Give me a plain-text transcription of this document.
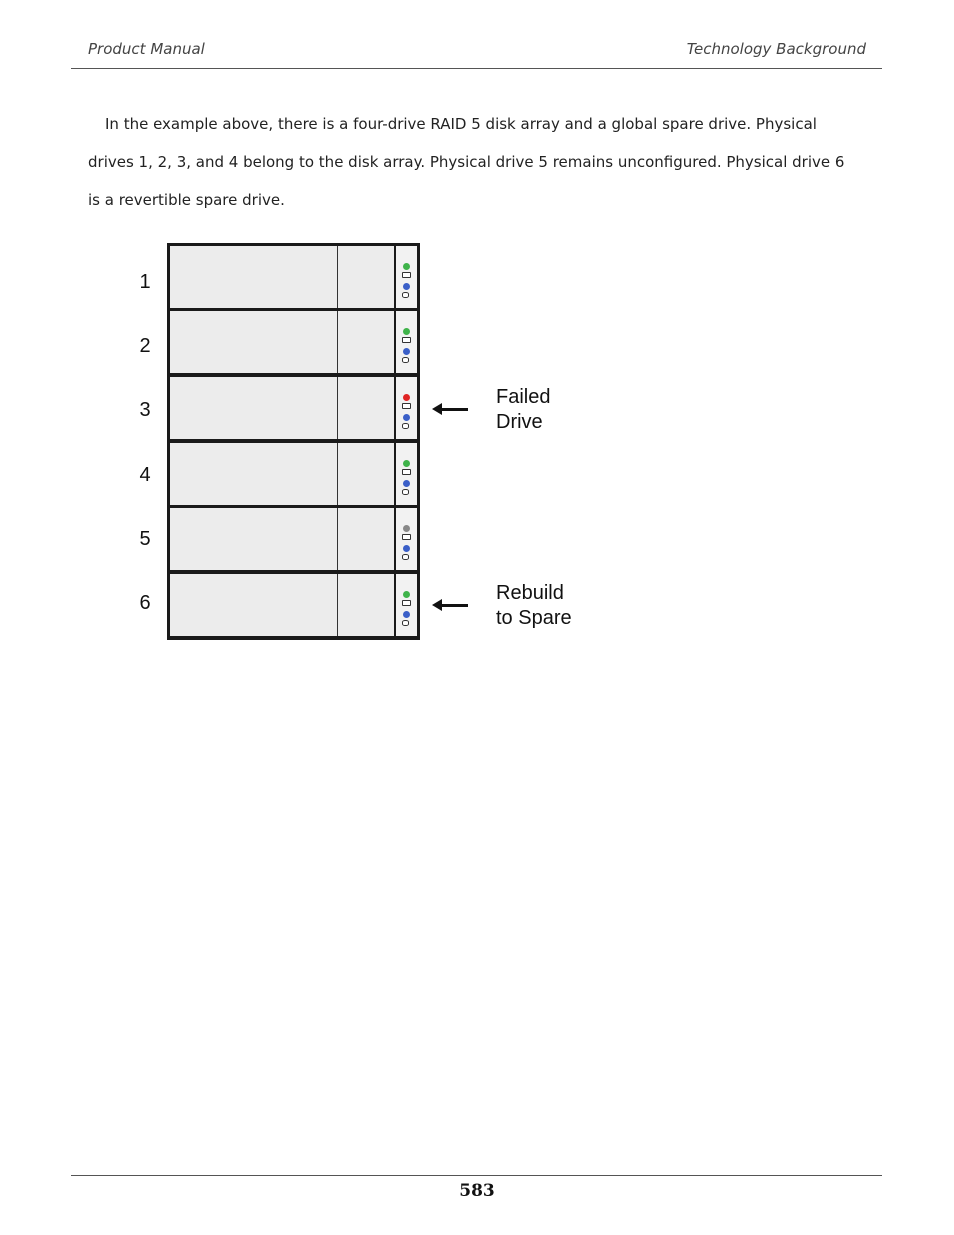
Product Manual	Technology Background

In the example above, there is a four-drive RAID 5 disk array and a global spare drive. Physical drives 1, 2, 3, and 4 belong to the disk array. Physical drive 5 remains unconfigured. Physical drive 6 is a revertible spare drive.

1
2
3
4
5
6
Failed
Drive
Rebuild
to Spare
583
